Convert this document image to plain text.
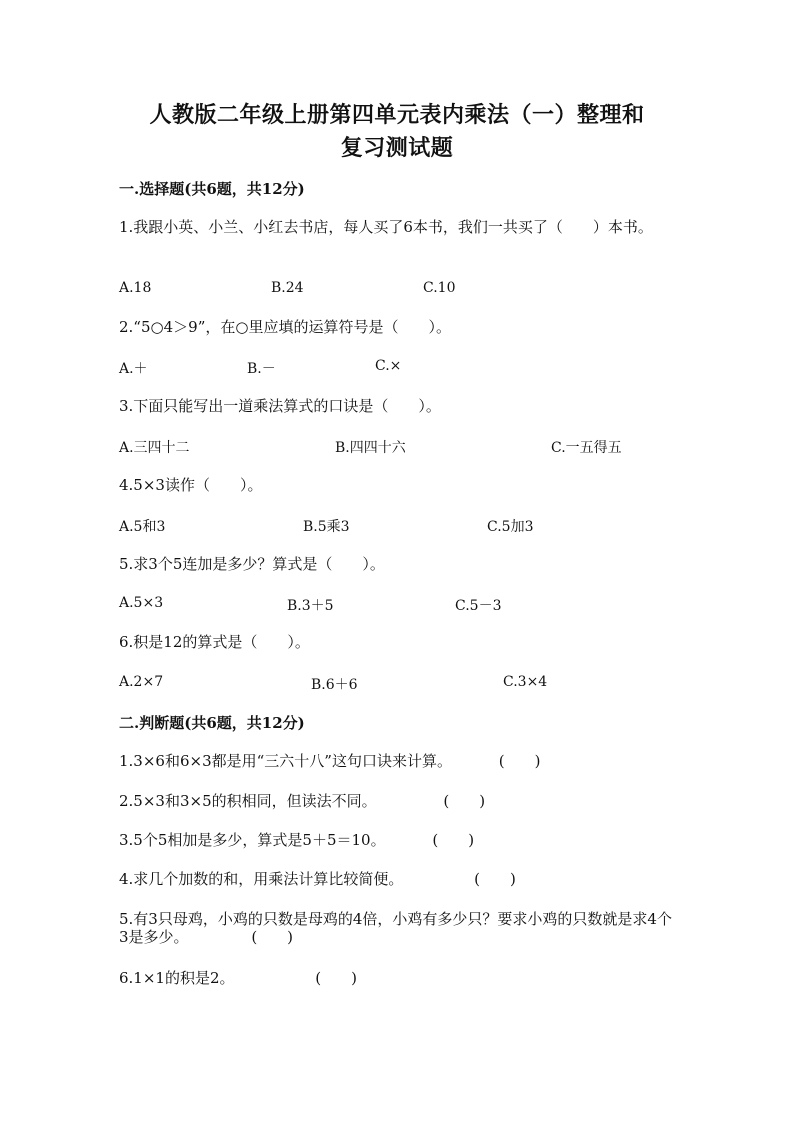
人教版二年级上册第四单元表内乘法（一）整理和
复习测试题
一.选择题(共6题，共12分)
1.我跟小英、小兰、小红去书店，每人买了6本书，我们一共买了（　　）本书。
A.18	B.24	C.10
2.“5○4＞9”，在○里应填的运算符号是（　　）。
A.＋	B.－	C.×
3.下面只能写出一道乘法算式的口诀是（　　）。
A.三四十二	B.四四十六	C.一五得五
4.5×3读作（　　）。
A.5和3	B.5乘3	C.5加3
5.求3个5连加是多少？算式是（　　）。
A.5×3	B.3＋5	C.5－3
6.积是12的算式是（　　）。
A.2×7	B.6＋6	C.3×4
二.判断题(共6题，共12分)
1.3×6和6×3都是用“三六十八”这句口诀来计算。	(　　)
2.5×3和3×5的积相同，但读法不同。	(　　)
3.5个5相加是多少，算式是5＋5＝10。	(　　)
4.求几个加数的和，用乘法计算比较简便。	(　　)
5.有3只母鸡，小鸡的只数是母鸡的4倍，小鸡有多少只？要求小鸡的只数就是求4个3是多少。	(　　)
6.1×1的积是2。	(　　)
